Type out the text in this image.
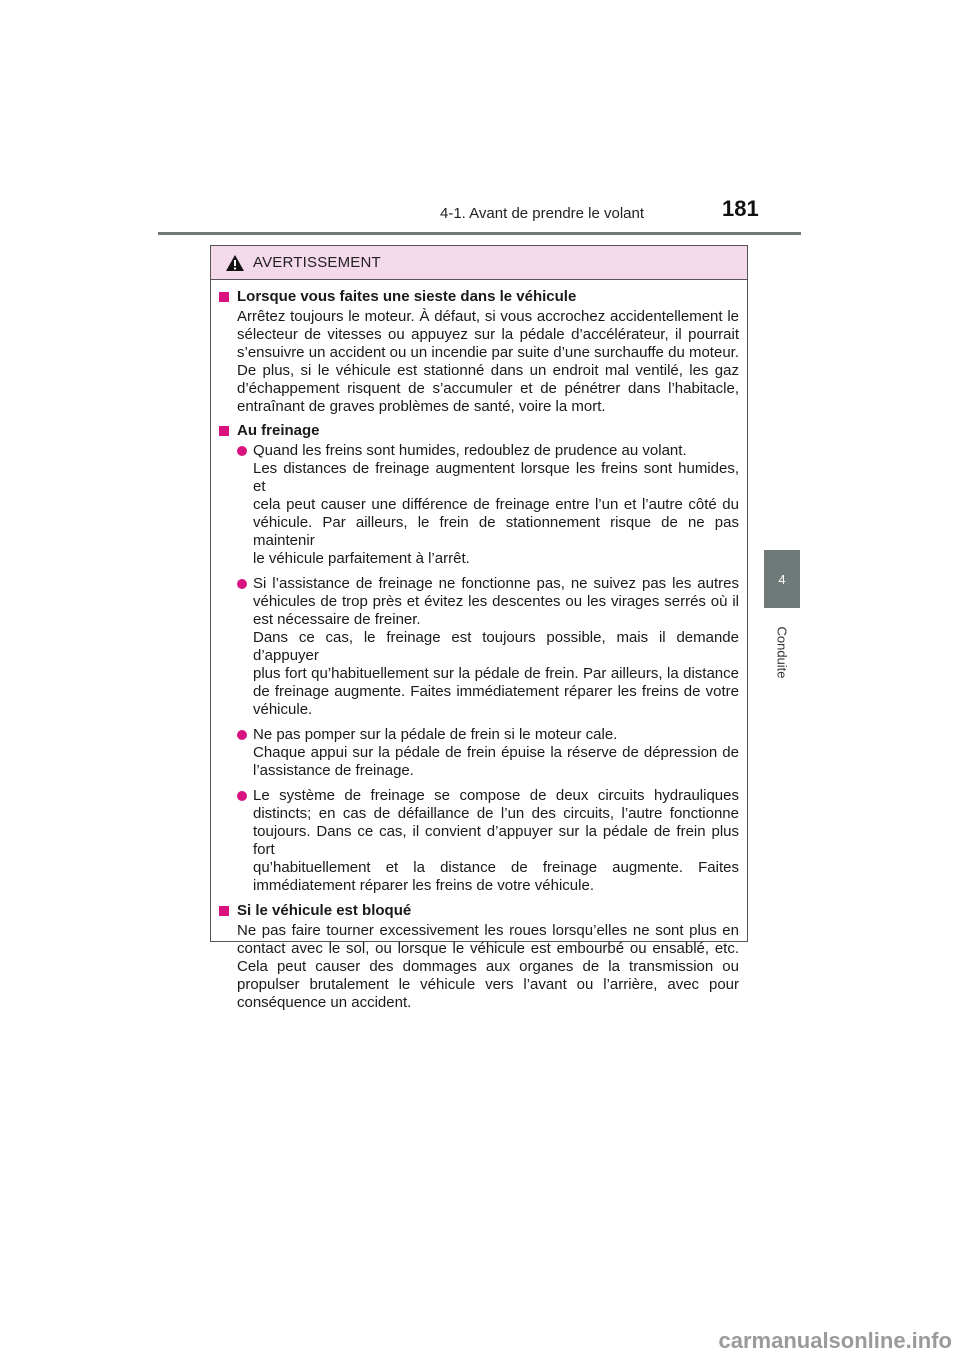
4-1. Avant de prendre le volant	181
4
Conduite
AVERTISSEMENT
Lorsque vous faites une sieste dans le véhicule
Arrêtez toujours le moteur. À défaut, si vous accrochez accidentellement le
sélecteur de vitesses ou appuyez sur la pédale d’accélérateur, il pourrait
s’ensuivre un accident ou un incendie par suite d’une surchauffe du moteur.
De plus, si le véhicule est stationné dans un endroit mal ventilé, les gaz
d’échappement risquent de s’accumuler et de pénétrer dans l’habitacle,
entraînant de graves problèmes de santé, voire la mort.
Au freinage
Quand les freins sont humides, redoublez de prudence au volant.
Les distances de freinage augmentent lorsque les freins sont humides, et
cela peut causer une différence de freinage entre l’un et l’autre côté du
véhicule. Par ailleurs, le frein de stationnement risque de ne pas maintenir
le véhicule parfaitement à l’arrêt.
Si l’assistance de freinage ne fonctionne pas, ne suivez pas les autres
véhicules de trop près et évitez les descentes ou les virages serrés où il
est nécessaire de freiner.
Dans ce cas, le freinage est toujours possible, mais il demande d’appuyer
plus fort qu’habituellement sur la pédale de frein. Par ailleurs, la distance
de freinage augmente. Faites immédiatement réparer les freins de votre
véhicule.
Ne pas pomper sur la pédale de frein si le moteur cale.
Chaque appui sur la pédale de frein épuise la réserve de dépression de
l’assistance de freinage.
Le système de freinage se compose de deux circuits hydrauliques
distincts; en cas de défaillance de l’un des circuits, l’autre fonctionne
toujours. Dans ce cas, il convient d’appuyer sur la pédale de frein plus fort
qu’habituellement et la distance de freinage augmente. Faites
immédiatement réparer les freins de votre véhicule.
Si le véhicule est bloqué
Ne pas faire tourner excessivement les roues lorsqu’elles ne sont plus en
contact avec le sol, ou lorsque le véhicule est embourbé ou ensablé, etc.
Cela peut causer des dommages aux organes de la transmission ou
propulser brutalement le véhicule vers l’avant ou l’arrière, avec pour
conséquence un accident.
carmanualsonline.info
